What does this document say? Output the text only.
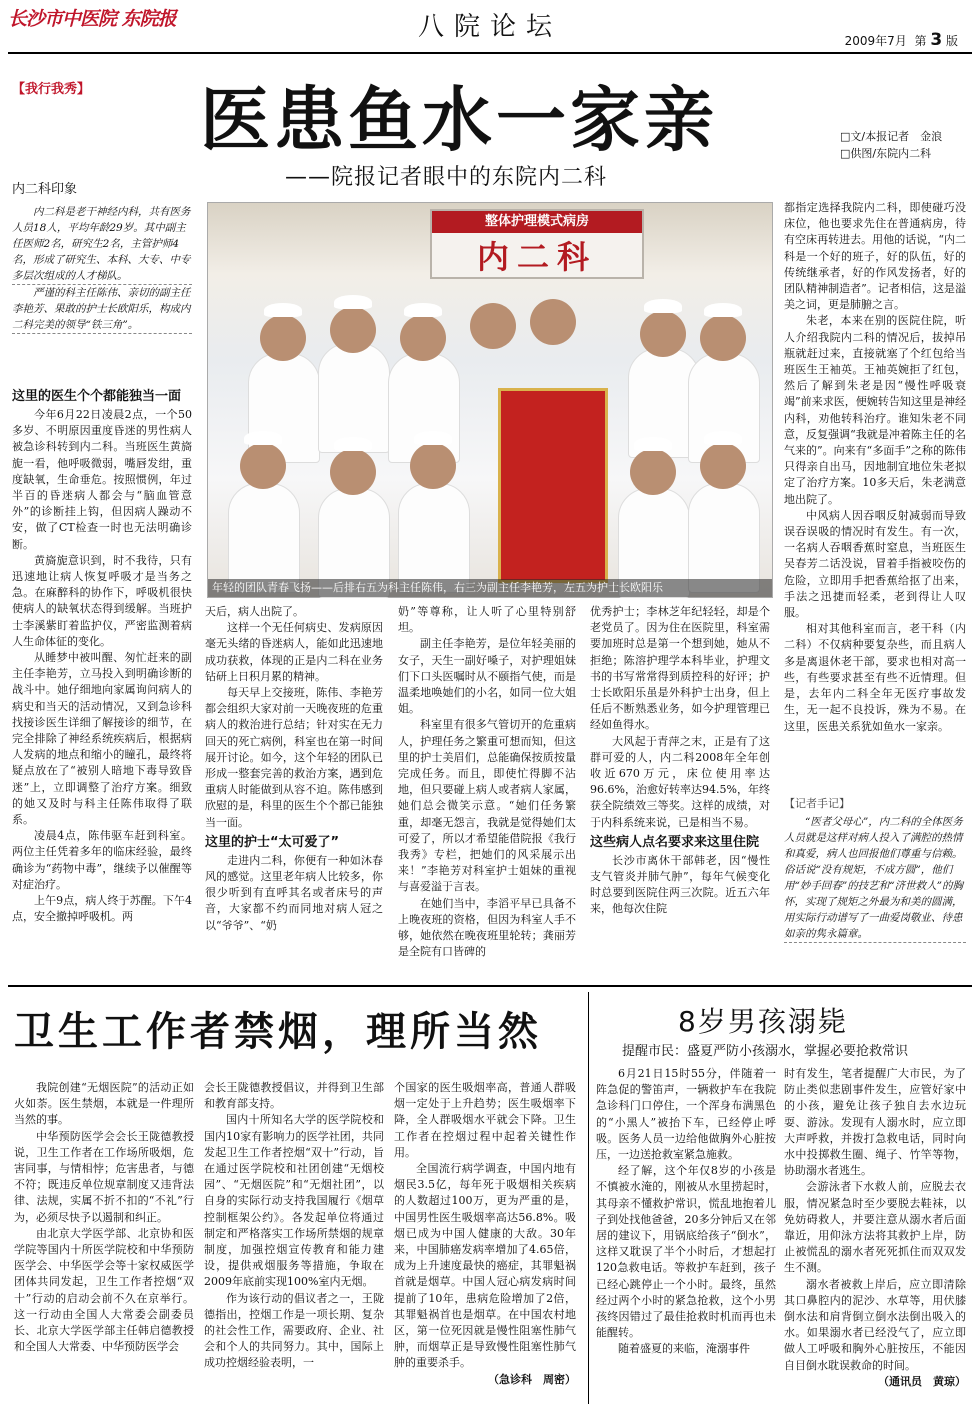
长沙市中医院 东院报	八院论坛	2009年7月 第 3 版
【我行我秀】 医患鱼水一家亲
——院报记者眼中的东院内二科
□ 文/本报记者　金浪
□ 供图/东院内二科
内二科印象

内二科是老干神经内科，共有医务人员18人，平均年龄29岁。其中副主任医师2名，研究生2名，主管护师4名，形成了研究生、本科、大专、中专多层次组成的人才梯队。

严谨的科主任陈伟、亲切的副主任李艳芳、果敢的护士长欧阳乐，构成内二科完美的领导“铁三角”。

整体护理模式病房
内二科
年轻的团队青春飞扬——后排右五为科主任陈伟，右三为副主任李艳芳，左五为护士长欧阳乐
这里的医生个个都能独当一面

今年6月22日凌晨2点，一个50多岁、不明原因重度昏迷的男性病人被急诊科转到内二科。当班医生黄旖旎一看，他呼吸微弱，嘴唇发绀，重度缺氧，生命垂危。按照惯例，年过半百的昏迷病人都会与“脑血管意外”的诊断挂上钩，但因病人躁动不安，做了CT检查一时也无法明确诊断。

黄旖旎意识到，时不我待，只有迅速地让病人恢复呼吸才是当务之急。在麻醉科的协作下，呼吸机很快使病人的缺氧状态得到缓解。当班护士李溪紫盯着监护仪，严密监测着病人生命体征的变化。

从睡梦中被叫醒、匆忙赶来的副主任李艳芳，立马投入到明确诊断的战斗中。她仔细地向家属询问病人的病史和当天的活动情况，又到急诊科找接诊医生详细了解接诊的细节，在完全排除了神经系统疾病后，根据病人发病的地点和缩小的瞳孔，最终将疑点放在了“被别人暗地下毒导致昏迷”上，立即调整了治疗方案。细致的她又及时与科主任陈伟取得了联系。

凌晨4点，陈伟驱车赶到科室。两位主任凭着多年的临床经验，最终确诊为“药物中毒”，继续予以催醒等对症治疗。

上午9点，病人终于苏醒。下午4点，安全撤掉呼吸机。两

天后，病人出院了。

这样一个无任何病史、发病原因毫无头绪的昏迷病人，能如此迅速地成功获救，体现的正是内二科在业务钻研上日积月累的精神。

每天早上交接班，陈伟、李艳芳都会组织大家对前一天晚夜班的危重病人的救治进行总结；针对实在无力回天的死亡病例，科室也在第一时间展开讨论。如今，这个年轻的团队已形成一整套完善的救治方案，遇到危重病人时能做到从容不迫。陈伟感到欣慰的是，科里的医生个个都已能独当一面。

这里的护士“太可爱了”

走进内二科，你便有一种如沐春风的感觉。这里老年病人比较多，你很少听到有直呼其名或者床号的声音，大家都不约而同地对病人冠之以“爷爷”、“奶

奶”等尊称，让人听了心里特别舒坦。

副主任李艳芳，是位年轻美丽的女子，天生一副好嗓子，对护理姐妹们下口头医嘱时从不颐指气使，而是温柔地唤她们的小名，如同一位大姐姐。

科室里有很多气管切开的危重病人，护理任务之繁重可想而知，但这里的护士美眉们，总能确保按质按量完成任务。而且，即使忙得脚不沾地，但只要碰上病人或者病人家属，她们总会微笑示意。“她们任务繁重，却毫无怨言，我就是觉得她们太可爱了，所以才希望能借院报《我行我秀》专栏，把她们的风采展示出来！”李艳芳对科室护士姐妹的重视与喜爱溢于言表。

在她们当中，李滔平早已具备不上晚夜班的资格，但因为科室人手不够，她依然在晚夜班里轮转；龚丽芳是全院有口皆碑的

优秀护士；李林芝年纪轻轻，却是个老党员了。因为住在医院里，科室需要加班时总是第一个想到她，她从不拒绝；陈溶护理学本科毕业，护理文书的书写常常得到质控科的好评；护士长欧阳乐虽是外科护士出身，但上任后不断熟悉业务，如今护理管理已经如鱼得水。

大风起于青萍之末，正是有了这群可爱的人，内二科2008年全年创收近670万元，床位使用率达96.6%，治愈好转率达94.5%，年终获全院绩效三等奖。这样的成绩，对于内科系统来说，已是相当不易。

这些病人点名要求来这里住院

长沙市离休干部韩老，因“慢性支气管炎并肺气肿”，每年气候变化时总要到医院住两三次院。近五六年来，他每次住院

都指定选择我院内二科，即使碰巧没床位，他也要求先住在普通病房，待有空床再转进去。用他的话说，“内二科是一个好的班子，好的队伍，好的传统继承者，好的作风发扬者，好的团队精神制造者”。记者相信，这是溢美之词，更是肺腑之言。

朱老，本来在别的医院住院，听人介绍我院内二科的情况后，拔掉吊瓶就赶过来，直接就塞了个红包给当班医生王袖英。王袖英婉拒了红包，然后了解到朱老是因“慢性呼吸衰竭”前来求医，便婉转告知这里是神经内科，劝他转科治疗。谁知朱老不同意，反复强调“我就是冲着陈主任的名气来的”。向来有“多面手”之称的陈伟只得亲自出马，因地制宜地位朱老拟定了治疗方案。10多天后，朱老满意地出院了。

中风病人因吞咽反射减弱而导致误吞误吸的情况时有发生。有一次，一名病人吞咽香蕉时窒息，当班医生吴春芳二话没说，冒着手指被咬伤的危险，立即用手把香蕉给抠了出来，手法之迅捷而轻柔，老到得让人叹服。

相对其他科室而言，老干科（内二科）不仅病种要复杂些，而且病人多是离退休老干部，要求也相对高一些，有些要求甚至有些不近情理。但是，去年内二科全年无医疗事故发生，无一起不良投诉，殊为不易。在这里，医患关系犹如鱼水一家亲。

【记者手记】

“医者父母心”，内二科的全体医务人员就是这样对病人投入了满腔的热情和真爱，病人也回报他们尊重与信赖。俗话说“没有规矩，不成方圆”，他们用“妙手回春”的技艺和“济世救人”的胸怀，实现了规矩之外最为和美的圆满，用实际行动谱写了一曲爱岗敬业、待患如亲的隽永篇章。

卫生工作者禁烟，理所当然

我院创建“无烟医院”的活动正如火如荼。医生禁烟，本就是一件理所当然的事。

中华预防医学会会长王陇德教授说，卫生工作者在工作场所吸烟，危害同事，与情相悖；危害患者，与德不符；既违反单位规章制度又违背法律、法规，实属不折不扣的“不礼”行为，必须尽快予以遏制和纠正。

由北京大学医学部、北京协和医学院等国内十所医学院校和中华预防医学会、中华医学会等十家权威医学团体共同发起，卫生工作者控烟“双十”行动的启动会前不久在京举行。这一行动由全国人大常委会副委员长、北京大学医学部主任韩启德教授和全国人大常委、中华预防医学会

会长王陇德教授倡议，并得到卫生部和教育部支持。

国内十所知名大学的医学院校和国内10家有影响力的医学社团，共同发起卫生工作者控烟“双十”行动，旨在通过医学院校和社团创建“无烟校园”、“无烟医院”和“无烟社团”，以自身的实际行动支持我国履行《烟草控制框架公约》。各发起单位将通过制定和严格落实工作场所禁烟的规章制度，加强控烟宣传教育和能力建设，提供戒烟服务等措施，争取在2009年底前实现100%室内无烟。

作为该行动的倡议者之一，王陇德指出，控烟工作是一项长期、复杂的社会性工作，需要政府、企业、社会和个人的共同努力。其中，国际上成功控烟经验表明，一

个国家的医生吸烟率高，普通人群吸烟一定处于上升趋势；医生吸烟率下降，全人群吸烟水平就会下降。卫生工作者在控烟过程中起着关键性作用。

全国流行病学调查，中国内地有烟民3.5亿，每年死于吸烟相关疾病的人数超过100万，更为严重的是，中国男性医生吸烟率高达56.8%。吸烟已成为中国人健康的大敌。30年来，中国肺癌发病率增加了4.65倍，成为上升速度最快的癌症，其罪魁祸首就是烟草。中国人冠心病发病时间提前了10年，患病危险增加了2倍，其罪魁祸首也是烟草。在中国农村地区，第一位死因就是慢性阻塞性肺气肿，而烟草正是导致慢性阻塞性肺气肿的重要杀手。

（急诊科　周密）
8岁男孩溺毙
提醒市民：盛夏严防小孩溺水，掌握必要抢救常识

6月21日15时55分，伴随着一阵急促的警笛声，一辆救护车在我院急诊科门口停住，一个浑身布满黑色的“小黑人”被抬下车，已经停止呼吸。医务人员一边给他做胸外心脏按压，一边送抢救室紧急施救。

经了解，这个年仅8岁的小孩是不慎被水淹的，刚被从水里捞起时，其母亲不懂救护常识，慌乱地抱着儿子到处找他爸爸，20多分钟后又在邻居的建议下，用锅底给孩子“倒水”，这样又耽误了半个小时后，才想起打120急救电话。等救护车赶到，孩子已经心跳停止一个小时。最终，虽然经过两个小时的紧急抢救，这个小男孩终因错过了最佳抢救时机而再也未能醒转。

随着盛夏的来临，淹溺事件

时有发生，笔者提醒广大市民，为了防止类似悲剧事件发生，应管好家中的小孩，避免让孩子独自去水边玩耍、游泳。发现有人溺水时，应立即大声呼救，并拨打急救电话，同时向水中投掷救生圈、绳子、竹竿等物，协助溺水者逃生。

会游泳者下水救人前，应脱去衣服，情况紧急时至少要脱去鞋袜，以免妨碍救人，并要注意从溺水者后面靠近，用仰泳方法将其救护上岸，防止被慌乱的溺水者死死抓住而双双发生不测。

溺水者被救上岸后，应立即清除其口鼻腔内的泥沙、水草等，用伏膝倒水法和肩背倒立倒水法倒出吸入的水。如果溺水者已经没气了，应立即做人工呼吸和胸外心脏按压，不能因自目倒水耽误救命的时间。

（通讯员　黄琼）
